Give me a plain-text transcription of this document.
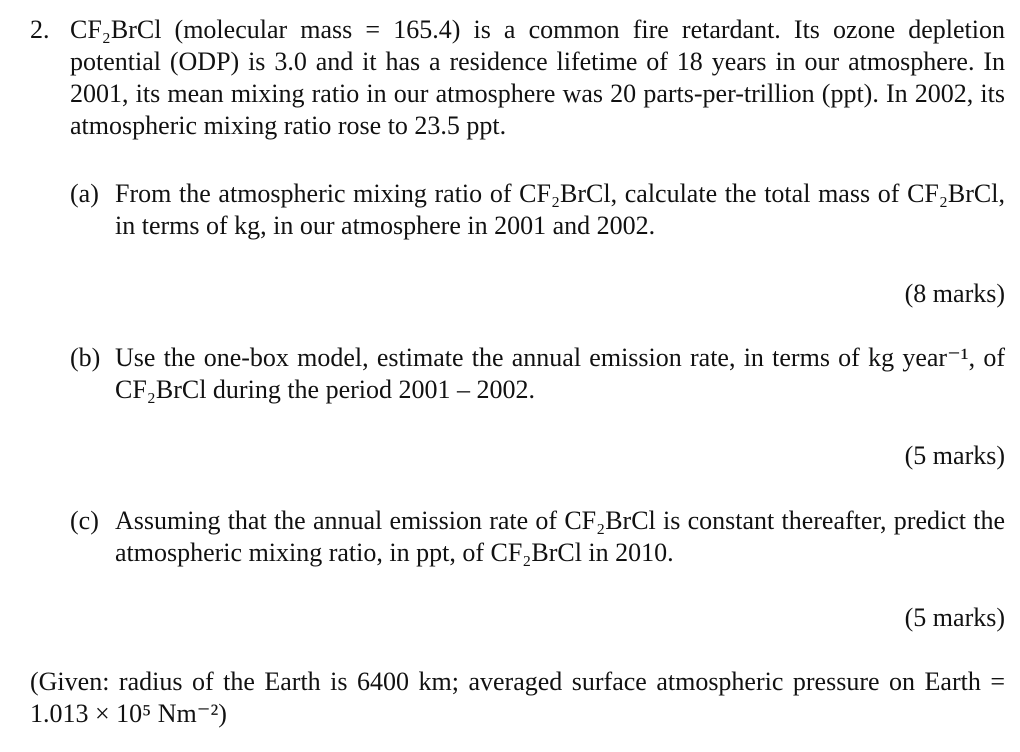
2. CF₂BrCl (molecular mass = 165.4) is a common fire retardant. Its ozone depletion potential (ODP) is 3.0 and it has a residence lifetime of 18 years in our atmosphere. In 2001, its mean mixing ratio in our atmosphere was 20 parts-per-trillion (ppt). In 2002, its atmospheric mixing ratio rose to 23.5 ppt.
(a) From the atmospheric mixing ratio of CF₂BrCl, calculate the total mass of CF₂BrCl, in terms of kg, in our atmosphere in 2001 and 2002.
(8 marks)
(b) Use the one-box model, estimate the annual emission rate, in terms of kg year⁻¹, of CF₂BrCl during the period 2001 – 2002.
(5 marks)
(c) Assuming that the annual emission rate of CF₂BrCl is constant thereafter, predict the atmospheric mixing ratio, in ppt, of CF₂BrCl in 2010.
(5 marks)
(Given: radius of the Earth is 6400 km; averaged surface atmospheric pressure on Earth = 1.013 × 10⁵ Nm⁻²)
